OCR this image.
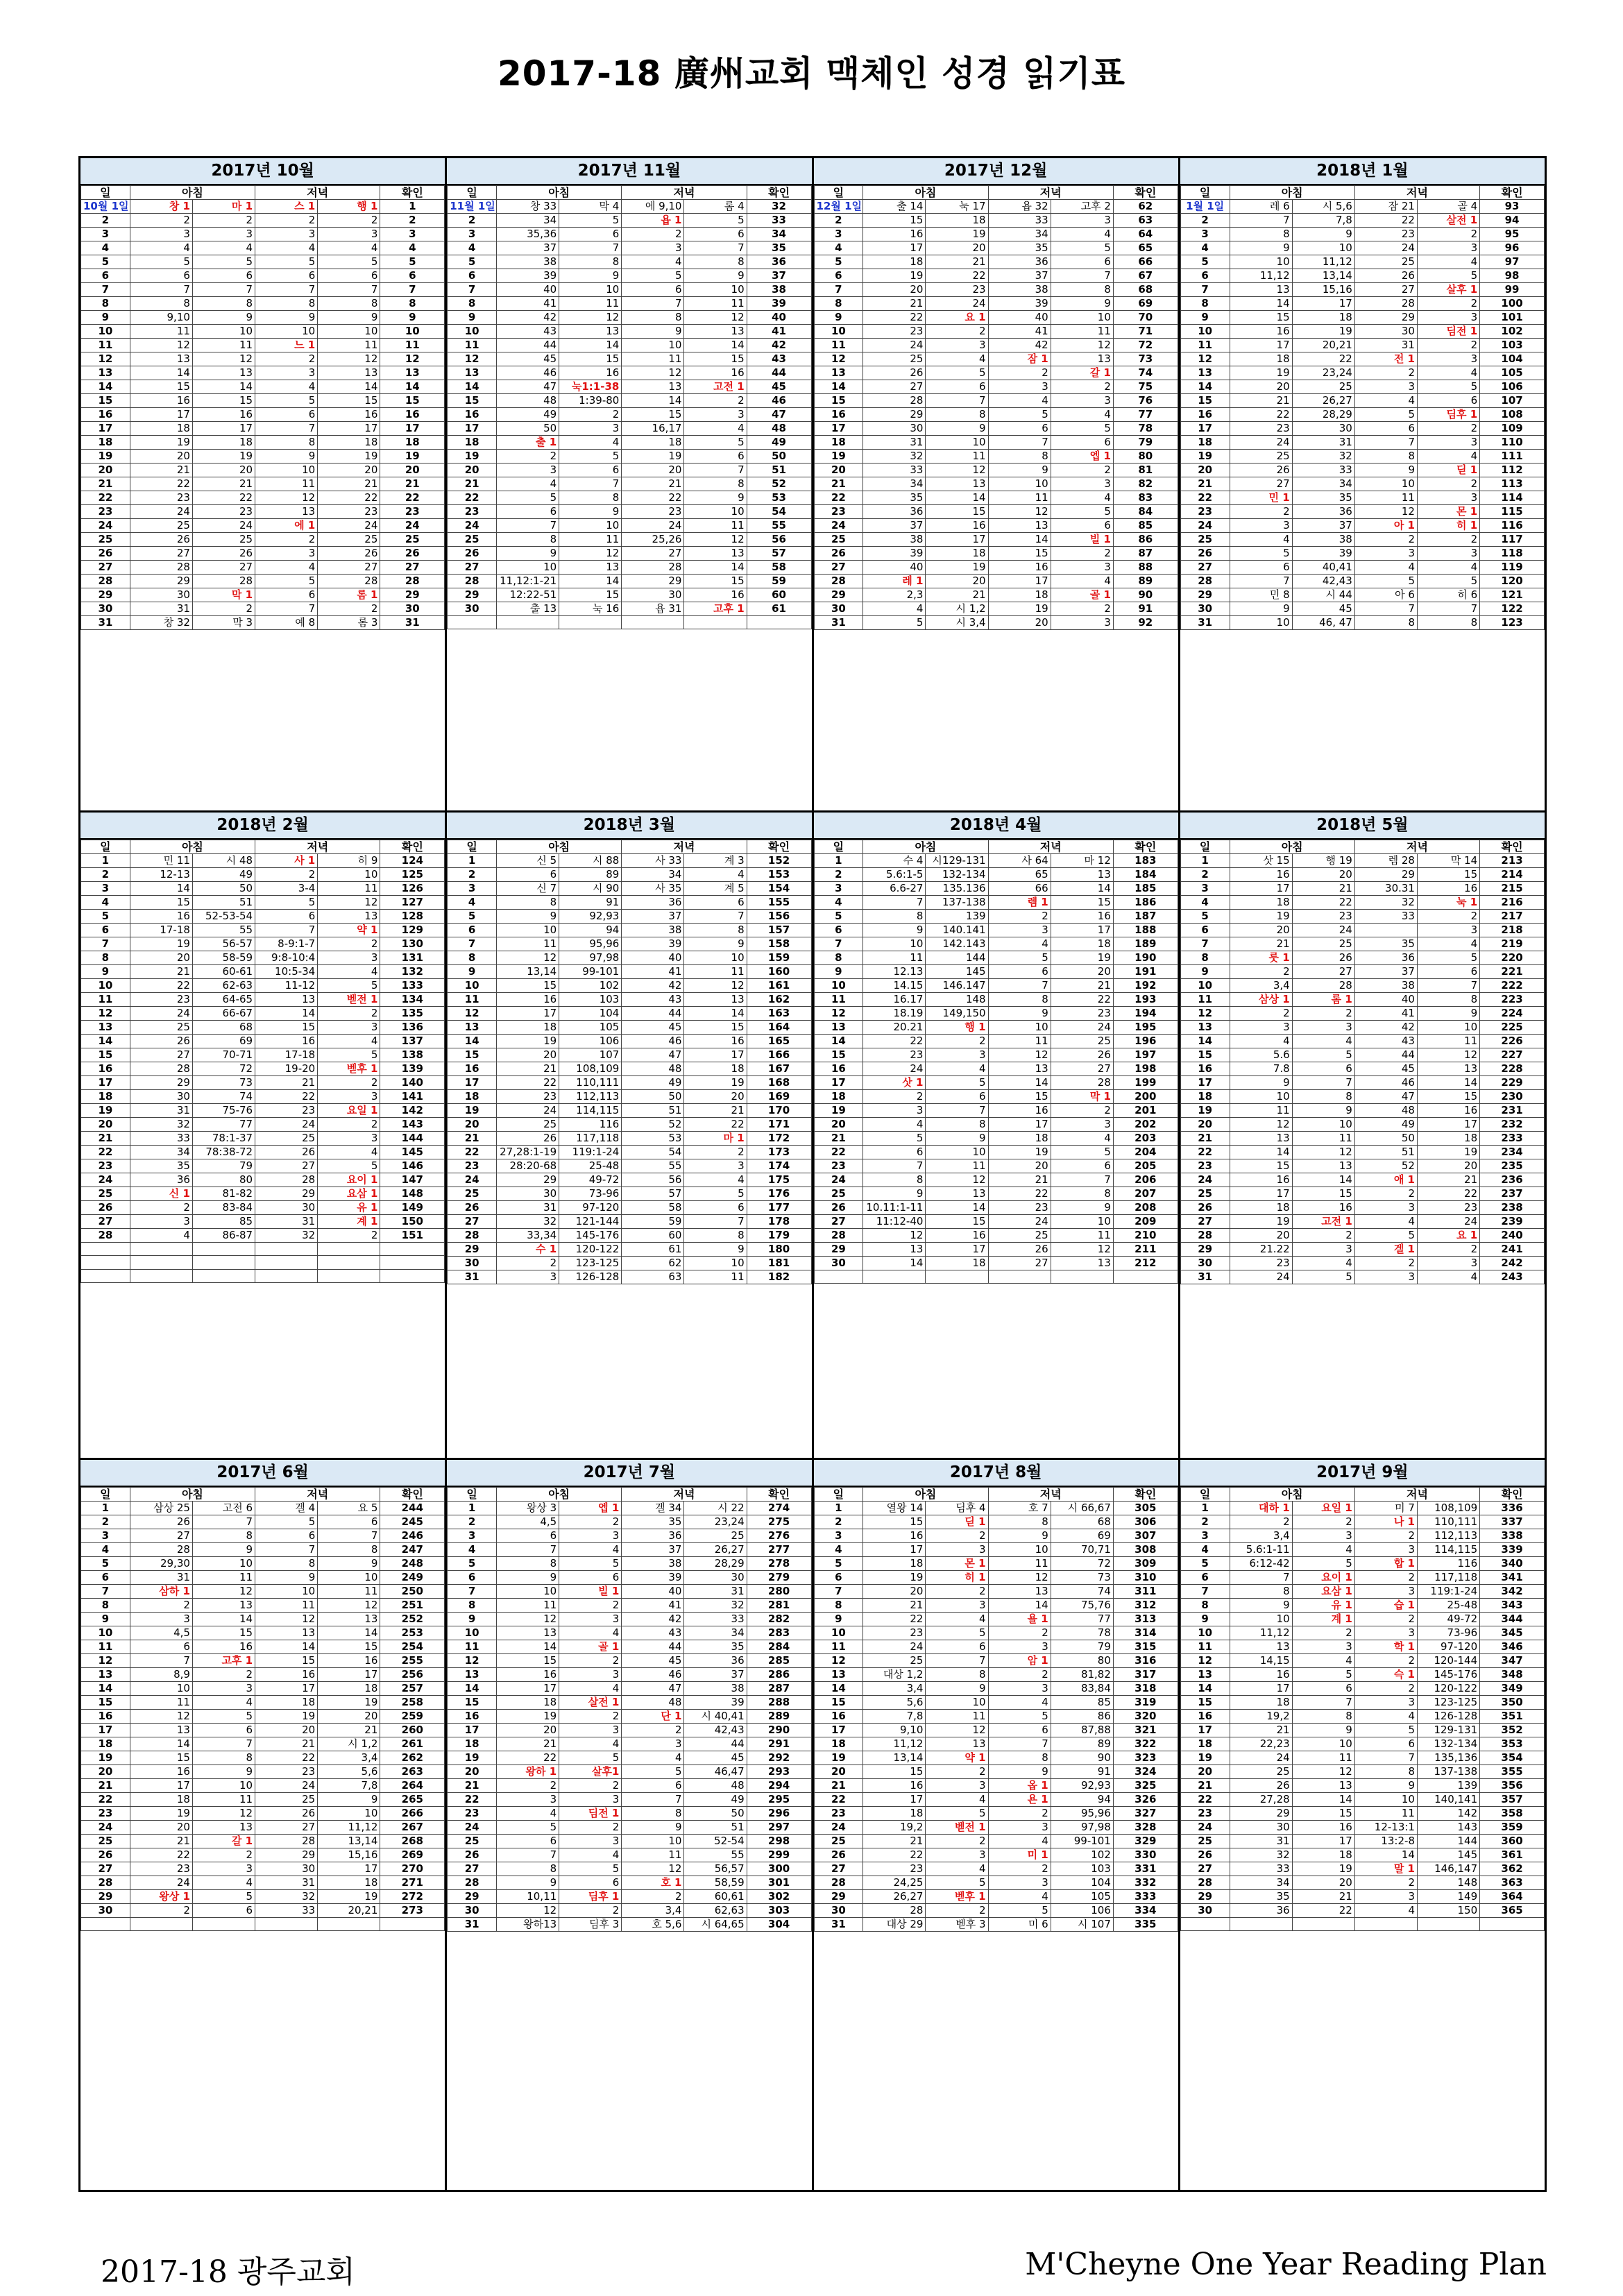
2017-18 廣州교회 맥체인 성경 읽기표
2017년 10월
일	아침		저녁		확인
10월 1일	창 1	마 1	스 1	행 1	1
2	2	2	2	2	2
3	3	3	3	3	3
4	4	4	4	4	4
5	5	5	5	5	5
6	6	6	6	6	6
7	7	7	7	7	7
8	8	8	8	8	8
9	9,10	9	9	9	9
10	11	10	10	10	10
11	12	11	느 1	11	11
12	13	12	2	12	12
13	14	13	3	13	13
14	15	14	4	14	14
15	16	15	5	15	15
16	17	16	6	16	16
17	18	17	7	17	17
18	19	18	8	18	18
19	20	19	9	19	19
20	21	20	10	20	20
21	22	21	11	21	21
22	23	22	12	22	22
23	24	23	13	23	23
24	25	24	에 1	24	24
25	26	25	2	25	25
26	27	26	3	26	26
27	28	27	4	27	27
28	29	28	5	28	28
29	30	막 1	6	롬 1	29
30	31	2	7	2	30
31	창 32	막 3	예 8	롬 3	31
2017년 11월
일	아침		저녁		확인
11월 1일	창 33	막 4	에 9,10	롬 4	32
2	34	5	욥 1	5	33
3	35,36	6	2	6	34
4	37	7	3	7	35
5	38	8	4	8	36
6	39	9	5	9	37
7	40	10	6	10	38
8	41	11	7	11	39
9	42	12	8	12	40
10	43	13	9	13	41
11	44	14	10	14	42
12	45	15	11	15	43
13	46	16	12	16	44
14	47	눅1:1-38	13	고전 1	45
15	48	1:39-80	14	2	46
16	49	2	15	3	47
17	50	3	16,17	4	48
18	출 1	4	18	5	49
19	2	5	19	6	50
20	3	6	20	7	51
21	4	7	21	8	52
22	5	8	22	9	53
23	6	9	23	10	54
24	7	10	24	11	55
25	8	11	25,26	12	56
26	9	12	27	13	57
27	10	13	28	14	58
28	11,12:1-21	14	29	15	59
29	12:22-51	15	30	16	60
30	출 13	눅 16	욥 31	고후 1	61

2017년 12월
일	아침		저녁		확인
12월 1일	출 14	눅 17	욥 32	고후 2	62
2	15	18	33	3	63
3	16	19	34	4	64
4	17	20	35	5	65
5	18	21	36	6	66
6	19	22	37	7	67
7	20	23	38	8	68
8	21	24	39	9	69
9	22	요 1	40	10	70
10	23	2	41	11	71
11	24	3	42	12	72
12	25	4	잠 1	13	73
13	26	5	2	갈 1	74
14	27	6	3	2	75
15	28	7	4	3	76
16	29	8	5	4	77
17	30	9	6	5	78
18	31	10	7	6	79
19	32	11	8	엡 1	80
20	33	12	9	2	81
21	34	13	10	3	82
22	35	14	11	4	83
23	36	15	12	5	84
24	37	16	13	6	85
25	38	17	14	빌 1	86
26	39	18	15	2	87
27	40	19	16	3	88
28	레 1	20	17	4	89
29	2,3	21	18	골 1	90
30	4	시 1,2	19	2	91
31	5	시 3,4	20	3	92
2018년 1월
일	아침		저녁		확인
1월 1일	레 6	시 5,6	잠 21	골 4	93
2	7	7,8	22	살전 1	94
3	8	9	23	2	95
4	9	10	24	3	96
5	10	11,12	25	4	97
6	11,12	13,14	26	5	98
7	13	15,16	27	살후 1	99
8	14	17	28	2	100
9	15	18	29	3	101
10	16	19	30	딤전 1	102
11	17	20,21	31	2	103
12	18	22	전 1	3	104
13	19	23,24	2	4	105
14	20	25	3	5	106
15	21	26,27	4	6	107
16	22	28,29	5	딤후 1	108
17	23	30	6	2	109
18	24	31	7	3	110
19	25	32	8	4	111
20	26	33	9	딛 1	112
21	27	34	10	2	113
22	민 1	35	11	3	114
23	2	36	12	몬 1	115
24	3	37	아 1	히 1	116
25	4	38	2	2	117
26	5	39	3	3	118
27	6	40,41	4	4	119
28	7	42,43	5	5	120
29	민 8	시 44	아 6	히 6	121
30	9	45	7	7	122
31	10	46, 47	8	8	123
2018년 2월
일	아침		저녁		확인
1	민 11	시 48	사 1	히 9	124
2	12-13	49	2	10	125
3	14	50	3-4	11	126
4	15	51	5	12	127
5	16	52-53-54	6	13	128
6	17-18	55	7	약 1	129
7	19	56-57	8-9:1-7	2	130
8	20	58-59	9:8-10:4	3	131
9	21	60-61	10:5-34	4	132
10	22	62-63	11-12	5	133
11	23	64-65	13	벧전 1	134
12	24	66-67	14	2	135
13	25	68	15	3	136
14	26	69	16	4	137
15	27	70-71	17-18	5	138
16	28	72	19-20	벧후 1	139
17	29	73	21	2	140
18	30	74	22	3	141
19	31	75-76	23	요일 1	142
20	32	77	24	2	143
21	33	78:1-37	25	3	144
22	34	78:38-72	26	4	145
23	35	79	27	5	146
24	36	80	28	요이 1	147
25	신 1	81-82	29	요삼 1	148
26	2	83-84	30	유 1	149
27	3	85	31	계 1	150
28	4	86-87	32	2	151

2018년 3월
일	아침		저녁		확인
1	신 5	시 88	사 33	계 3	152
2	6	89	34	4	153
3	신 7	시 90	사 35	계 5	154
4	8	91	36	6	155
5	9	92,93	37	7	156
6	10	94	38	8	157
7	11	95,96	39	9	158
8	12	97,98	40	10	159
9	13,14	99-101	41	11	160
10	15	102	42	12	161
11	16	103	43	13	162
12	17	104	44	14	163
13	18	105	45	15	164
14	19	106	46	16	165
15	20	107	47	17	166
16	21	108,109	48	18	167
17	22	110,111	49	19	168
18	23	112,113	50	20	169
19	24	114,115	51	21	170
20	25	116	52	22	171
21	26	117,118	53	마 1	172
22	27,28:1-19	119:1-24	54	2	173
23	28:20-68	25-48	55	3	174
24	29	49-72	56	4	175
25	30	73-96	57	5	176
26	31	97-120	58	6	177
27	32	121-144	59	7	178
28	33,34	145-176	60	8	179
29	수 1	120-122	61	9	180
30	2	123-125	62	10	181
31	3	126-128	63	11	182
2018년 4월
일	아침		저녁		확인
1	수 4	시129-131	사 64	마 12	183
2	5.6:1-5	132-134	65	13	184
3	6.6-27	135.136	66	14	185
4	7	137-138	렘 1	15	186
5	8	139	2	16	187
6	9	140.141	3	17	188
7	10	142.143	4	18	189
8	11	144	5	19	190
9	12.13	145	6	20	191
10	14.15	146.147	7	21	192
11	16.17	148	8	22	193
12	18.19	149,150	9	23	194
13	20.21	행 1	10	24	195
14	22	2	11	25	196
15	23	3	12	26	197
16	24	4	13	27	198
17	삿 1	5	14	28	199
18	2	6	15	막 1	200
19	3	7	16	2	201
20	4	8	17	3	202
21	5	9	18	4	203
22	6	10	19	5	204
23	7	11	20	6	205
24	8	12	21	7	206
25	9	13	22	8	207
26	10.11:1-11	14	23	9	208
27	11:12-40	15	24	10	209
28	12	16	25	11	210
29	13	17	26	12	211
30	14	18	27	13	212

2018년 5월
일	아침		저녁		확인
1	삿 15	행 19	렘 28	막 14	213
2	16	20	29	15	214
3	17	21	30.31	16	215
4	18	22	32	눅 1	216
5	19	23	33	2	217
6	20	24		3	218
7	21	25	35	4	219
8	룻 1	26	36	5	220
9	2	27	37	6	221
10	3,4	28	38	7	222
11	삼상 1	롬 1	40	8	223
12	2	2	41	9	224
13	3	3	42	10	225
14	4	4	43	11	226
15	5.6	5	44	12	227
16	7.8	6	45	13	228
17	9	7	46	14	229
18	10	8	47	15	230
19	11	9	48	16	231
20	12	10	49	17	232
21	13	11	50	18	233
22	14	12	51	19	234
23	15	13	52	20	235
24	16	14	애 1	21	236
25	17	15	2	22	237
26	18	16	3	23	238
27	19	고전 1	4	24	239
28	20	2	5	요 1	240
29	21.22	3	겔 1	2	241
30	23	4	2	3	242
31	24	5	3	4	243
2017년 6월
일	아침		저녁		확인
1	삼상 25	고전 6	겔 4	요 5	244
2	26	7	5	6	245
3	27	8	6	7	246
4	28	9	7	8	247
5	29,30	10	8	9	248
6	31	11	9	10	249
7	삼하 1	12	10	11	250
8	2	13	11	12	251
9	3	14	12	13	252
10	4,5	15	13	14	253
11	6	16	14	15	254
12	7	고후 1	15	16	255
13	8,9	2	16	17	256
14	10	3	17	18	257
15	11	4	18	19	258
16	12	5	19	20	259
17	13	6	20	21	260
18	14	7	21	시 1,2	261
19	15	8	22	3,4	262
20	16	9	23	5,6	263
21	17	10	24	7,8	264
22	18	11	25	9	265
23	19	12	26	10	266
24	20	13	27	11,12	267
25	21	갈 1	28	13,14	268
26	22	2	29	15,16	269
27	23	3	30	17	270
28	24	4	31	18	271
29	왕상 1	5	32	19	272
30	2	6	33	20,21	273

2017년 7월
일	아침		저녁		확인
1	왕상 3	엡 1	겔 34	시 22	274
2	4,5	2	35	23,24	275
3	6	3	36	25	276
4	7	4	37	26,27	277
5	8	5	38	28,29	278
6	9	6	39	30	279
7	10	빌 1	40	31	280
8	11	2	41	32	281
9	12	3	42	33	282
10	13	4	43	34	283
11	14	골 1	44	35	284
12	15	2	45	36	285
13	16	3	46	37	286
14	17	4	47	38	287
15	18	살전 1	48	39	288
16	19	2	단 1	시 40,41	289
17	20	3	2	42,43	290
18	21	4	3	44	291
19	22	5	4	45	292
20	왕하 1	살후1	5	46,47	293
21	2	2	6	48	294
22	3	3	7	49	295
23	4	딤전 1	8	50	296
24	5	2	9	51	297
25	6	3	10	52-54	298
26	7	4	11	55	299
27	8	5	12	56,57	300
28	9	6	호 1	58,59	301
29	10,11	딤후 1	2	60,61	302
30	12	2	3,4	62,63	303
31	왕하13	딤후 3	호 5,6	시 64,65	304
2017년 8월
일	아침		저녁		확인
1	열왕 14	딤후 4	호 7	시 66,67	305
2	15	딛 1	8	68	306
3	16	2	9	69	307
4	17	3	10	70,71	308
5	18	몬 1	11	72	309
6	19	히 1	12	73	310
7	20	2	13	74	311
8	21	3	14	75,76	312
9	22	4	욜 1	77	313
10	23	5	2	78	314
11	24	6	3	79	315
12	25	7	암 1	80	316
13	대상 1,2	8	2	81,82	317
14	3,4	9	3	83,84	318
15	5,6	10	4	85	319
16	7,8	11	5	86	320
17	9,10	12	6	87,88	321
18	11,12	13	7	89	322
19	13,14	약 1	8	90	323
20	15	2	9	91	324
21	16	3	옵 1	92,93	325
22	17	4	욘 1	94	326
23	18	5	2	95,96	327
24	19,2	벧전 1	3	97,98	328
25	21	2	4	99-101	329
26	22	3	미 1	102	330
27	23	4	2	103	331
28	24,25	5	3	104	332
29	26,27	벧후 1	4	105	333
30	28	2	5	106	334
31	대상 29	벧후 3	미 6	시 107	335
2017년 9월
일	아침		저녁		확인
1	대하 1	요일 1	미 7	108,109	336
2	2	2	나 1	110,111	337
3	3,4	3	2	112,113	338
4	5.6:1-11	4	3	114,115	339
5	6:12-42	5	합 1	116	340
6	7	요이 1	2	117,118	341
7	8	요삼 1	3	119:1-24	342
8	9	유 1	습 1	25-48	343
9	10	계 1	2	49-72	344
10	11,12	2	3	73-96	345
11	13	3	학 1	97-120	346
12	14,15	4	2	120-144	347
13	16	5	슥 1	145-176	348
14	17	6	2	120-122	349
15	18	7	3	123-125	350
16	19,2	8	4	126-128	351
17	21	9	5	129-131	352
18	22,23	10	6	132-134	353
19	24	11	7	135,136	354
20	25	12	8	137-138	355
21	26	13	9	139	356
22	27,28	14	10	140,141	357
23	29	15	11	142	358
24	30	16	12-13:1	143	359
25	31	17	13:2-8	144	360
26	32	18	14	145	361
27	33	19	말 1	146,147	362
28	34	20	2	148	363
29	35	21	3	149	364
30	36	22	4	150	365

2017-18 광주교회	M'Cheyne One Year Reading Plan
